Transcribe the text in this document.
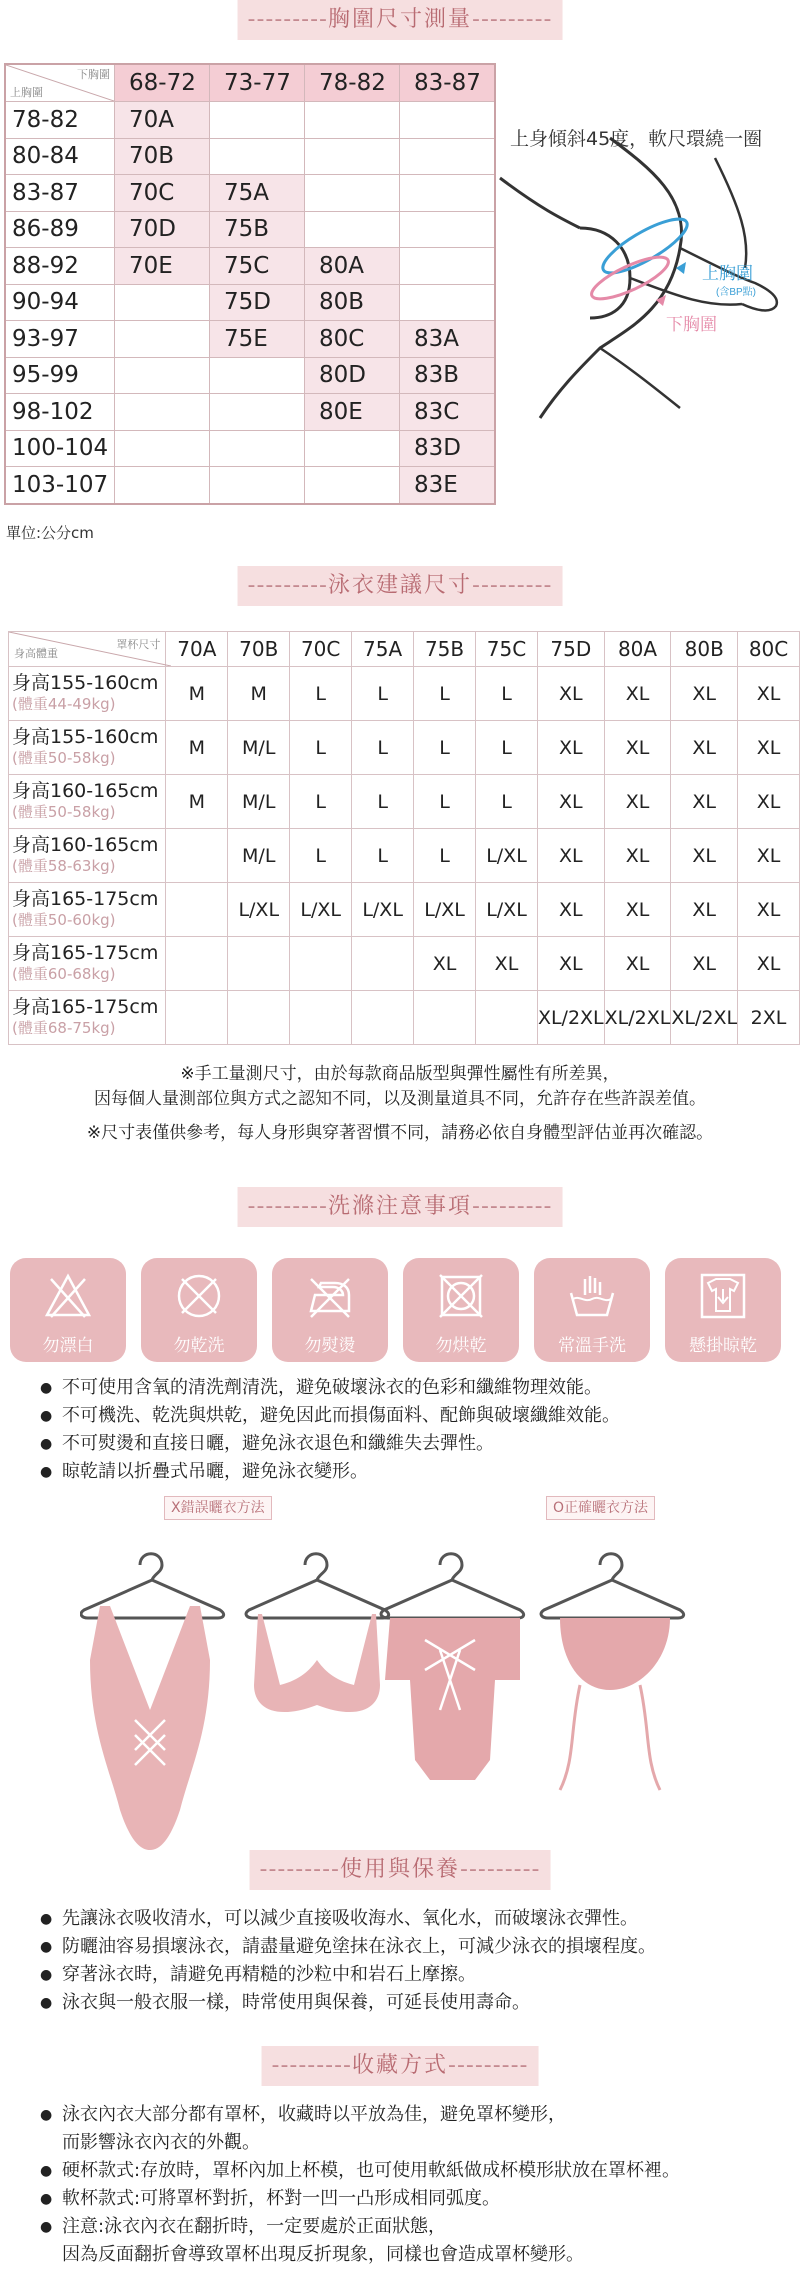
---------胸圍尺寸測量---------
下胸圍
上胸圍	68-72	73-77	78-82	83-87
78-82	70A			
80-84	70B			
83-87	70C	75A		
86-89	70D	75B		
88-92	70E	75C	80A	
90-94		75D	80B	
93-97		75E	80C	83A
95-99			80D	83B
98-102			80E	83C
100-104				83D
103-107				83E
單位:公分cm
上身傾斜45度，軟尺環繞一圈
上胸圍
(含BP點)
下胸圍
---------泳衣建議尺寸---------
罩杯尺寸
身高體重	70A	70B	70C	75A	75B	75C	75D	80A	80B	80C

身高155-160cm
(體重44-49kg)	M	M	L	L	L	L	XL	XL	XL	XL

身高155-160cm
(體重50-58kg)	M	M/L	L	L	L	L	XL	XL	XL	XL

身高160-165cm
(體重50-58kg)	M	M/L	L	L	L	L	XL	XL	XL	XL

身高160-165cm
(體重58-63kg)		M/L	L	L	L	L/XL	XL	XL	XL	XL

身高165-175cm
(體重50-60kg)		L/XL	L/XL	L/XL	L/XL	L/XL	XL	XL	XL	XL

身高165-175cm
(體重60-68kg)					XL	XL	XL	XL	XL	XL

身高165-175cm
(體重68-75kg)							XL/2XL	XL/2XL	XL/2XL	2XL
※手工量測尺寸，由於每款商品版型與彈性屬性有所差異，
因每個人量測部位與方式之認知不同，以及測量道具不同，允許存在些許誤差值。
※尺寸表僅供參考，每人身形與穿著習慣不同，請務必依自身體型評估並再次確認。
---------洗滌注意事項---------
勿漂白	勿乾洗	勿熨燙	勿烘乾	常溫手洗	懸掛晾乾
● 不可使用含氧的清洗劑清洗，避免破壞泳衣的色彩和纖維物理效能。
● 不可機洗、乾洗與烘乾，避免因此而損傷面料、配飾與破壞纖維效能。
● 不可熨燙和直接日曬，避免泳衣退色和纖維失去彈性。
● 晾乾請以折疊式吊曬，避免泳衣變形。
X錯誤曬衣方法	O正確曬衣方法
---------使用與保養---------
● 先讓泳衣吸收清水，可以減少直接吸收海水、氧化水，而破壞泳衣彈性。
● 防曬油容易損壞泳衣，請盡量避免塗抹在泳衣上，可減少泳衣的損壞程度。
● 穿著泳衣時，請避免再精糙的沙粒中和岩石上摩擦。
● 泳衣與一般衣服一樣，時常使用與保養，可延長使用壽命。
---------收藏方式---------
● 泳衣內衣大部分都有罩杯，收藏時以平放為佳，避免罩杯變形，
而影響泳衣內衣的外觀。
● 硬杯款式:存放時，罩杯內加上杯模，也可使用軟紙做成杯模形狀放在罩杯裡。
● 軟杯款式:可將罩杯對折，杯對一凹一凸形成相同弧度。
● 注意:泳衣內衣在翻折時，一定要處於正面狀態，
因為反面翻折會導致罩杯出現反折現象，同樣也會造成罩杯變形。
